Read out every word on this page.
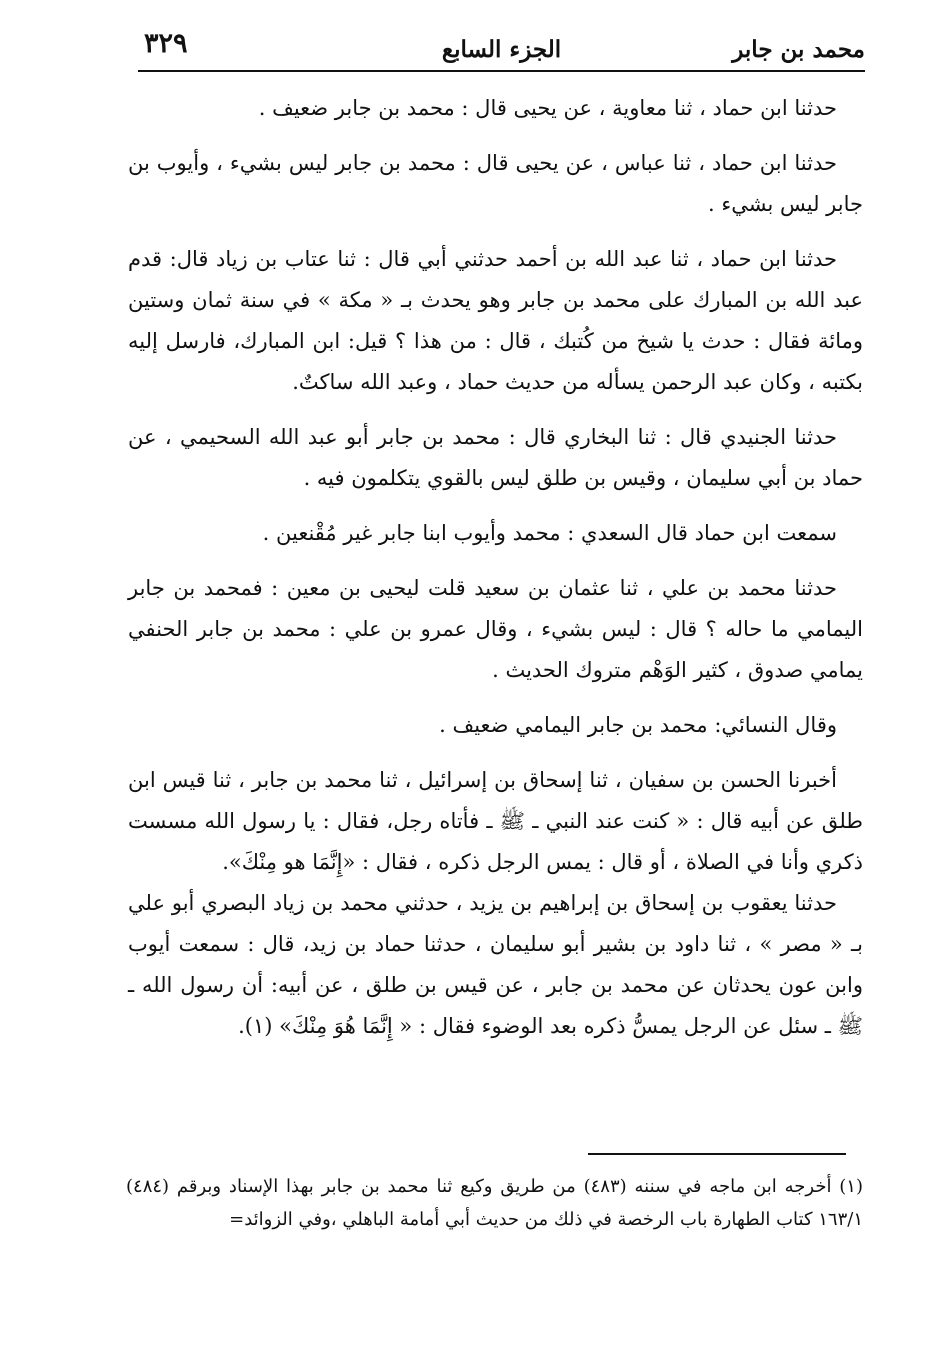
محمد بن جابر
الجزء السابع
٣٢٩

حدثنا ابن حماد ، ثنا معاوية ، عن يحيى قال : محمد بن جابر ضعيف .

حدثنا ابن حماد ، ثنا عباس ، عن يحيى قال : محمد بن جابر ليس بشيء ، وأيوب بن جابر ليس بشيء .

حدثنا ابن حماد ، ثنا عبد الله بن أحمد حدثني أبي قال : ثنا عتاب بن زياد قال: قدم عبد الله بن المبارك على محمد بن جابر وهو يحدث بـ « مكة » في سنة ثمان وستين ومائة فقال : حدث يا شيخ من كُتبك ، قال : من هذا ؟ قيل: ابن المبارك، فارسل إليه بكتبه ، وكان عبد الرحمن يسأله من حديث حماد ، وعبد الله ساكتٌ.

حدثنا الجنيدي قال : ثنا البخاري قال : محمد بن جابر أبو عبد الله السحيمي ، عن حماد بن أبي سليمان ، وقيس بن طلق ليس بالقوي يتكلمون فيه .

سمعت ابن حماد قال السعدي : محمد وأيوب ابنا جابر غير مُقْنعين .

حدثنا محمد بن علي ، ثنا عثمان بن سعيد قلت ليحيى بن معين : فمحمد بن جابر اليمامي ما حاله ؟ قال : ليس بشيء ، وقال عمرو بن علي : محمد بن جابر الحنفي يمامي صدوق ، كثير الوَهْم متروك الحديث .

وقال النسائي: محمد بن جابر اليمامي ضعيف .

أخبرنا الحسن بن سفيان ، ثنا إسحاق بن إسرائيل ، ثنا محمد بن جابر ، ثنا قيس ابن طلق عن أبيه قال : « كنت عند النبي ـ ﷺ ـ فأتاه رجل، فقال : يا رسول الله مسست ذكري وأنا في الصلاة ، أو قال : يمس الرجل ذكره ، فقال : «إِنَّمَا هو مِنْكَ».

حدثنا يعقوب بن إسحاق بن إبراهيم بن يزيد ، حدثني محمد بن زياد البصري أبو علي بـ « مصر » ، ثنا داود بن بشير أبو سليمان ، حدثنا حماد بن زيد، قال : سمعت أيوب وابن عون يحدثان عن محمد بن جابر ، عن قيس بن طلق ، عن أبيه: أن رسول الله ـ ﷺ ـ سئل عن الرجل يمسُّ ذكره بعد الوضوء فقال : « إِنَّمَا هُوَ مِنْكَ» (١).

(١) أخرجه ابن ماجه في سننه (٤٨٣) من طريق وكيع ثنا محمد بن جابر بهذا الإسناد وبرقم (٤٨٤) ١٦٣/١ كتاب الطهارة باب الرخصة في ذلك من حديث أبي أمامة الباهلي ،وفي الزوائد=
